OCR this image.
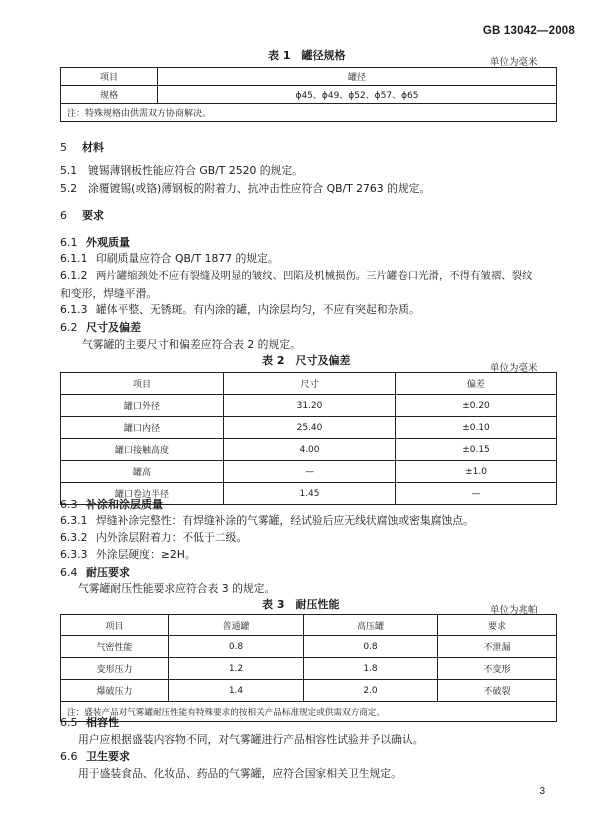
GB 13042—2008
表 1　罐径规格
单位为毫米
项目	罐径
规格	ϕ45、ϕ49、ϕ52、ϕ57、ϕ65
注：特殊规格由供需双方协商解决。	
5 材料
5.1 镀锡薄钢板性能应符合 GB/T 2520 的规定。
5.2 涂覆镀锡(或铬)薄钢板的附着力、抗冲击性应符合 QB/T 2763 的规定。
6 要求
6.1 外观质量
6.1.1 印刷质量应符合 QB/T 1877 的规定。
6.1.2 两片罐缩颈处不应有裂缝及明显的皱纹、凹陷及机械损伤。三片罐卷口光滑，不得有皱褶、裂纹
和变形，焊缝平滑。
6.1.3 罐体平整、无锈斑。有内涂的罐，内涂层均匀，不应有突起和杂质。
6.2 尺寸及偏差
气雾罐的主要尺寸和偏差应符合表 2 的规定。
表 2　尺寸及偏差
单位为毫米
项目	尺寸	偏差
罐口外径	31.20	±0.20
罐口内径	25.40	±0.10
罐口接触高度	4.00	±0.15
罐高	—	±1.0
罐口卷边半径	1.45	—
6.3 补涂和涂层质量
6.3.1 焊缝补涂完整性：有焊缝补涂的气雾罐，经试验后应无线状腐蚀或密集腐蚀点。
6.3.2 内外涂层附着力：不低于二级。
6.3.3 外涂层硬度：≥2H。
6.4 耐压要求
气雾罐耐压性能要求应符合表 3 的规定。
表 3　耐压性能	单位为兆帕
项目	普通罐	高压罐	要求
气密性能	0.8	0.8	不泄漏
变形压力	1.2	1.8	不变形
爆破压力	1.4	2.0	不破裂
注：盛装产品对气雾罐耐压性能有特殊要求的按相关产品标准规定或供需双方商定。			
6.5 相容性
用户应根据盛装内容物不同，对气雾罐进行产品相容性试验并予以确认。
6.6 卫生要求
用于盛装食品、化妆品、药品的气雾罐，应符合国家相关卫生规定。
3
